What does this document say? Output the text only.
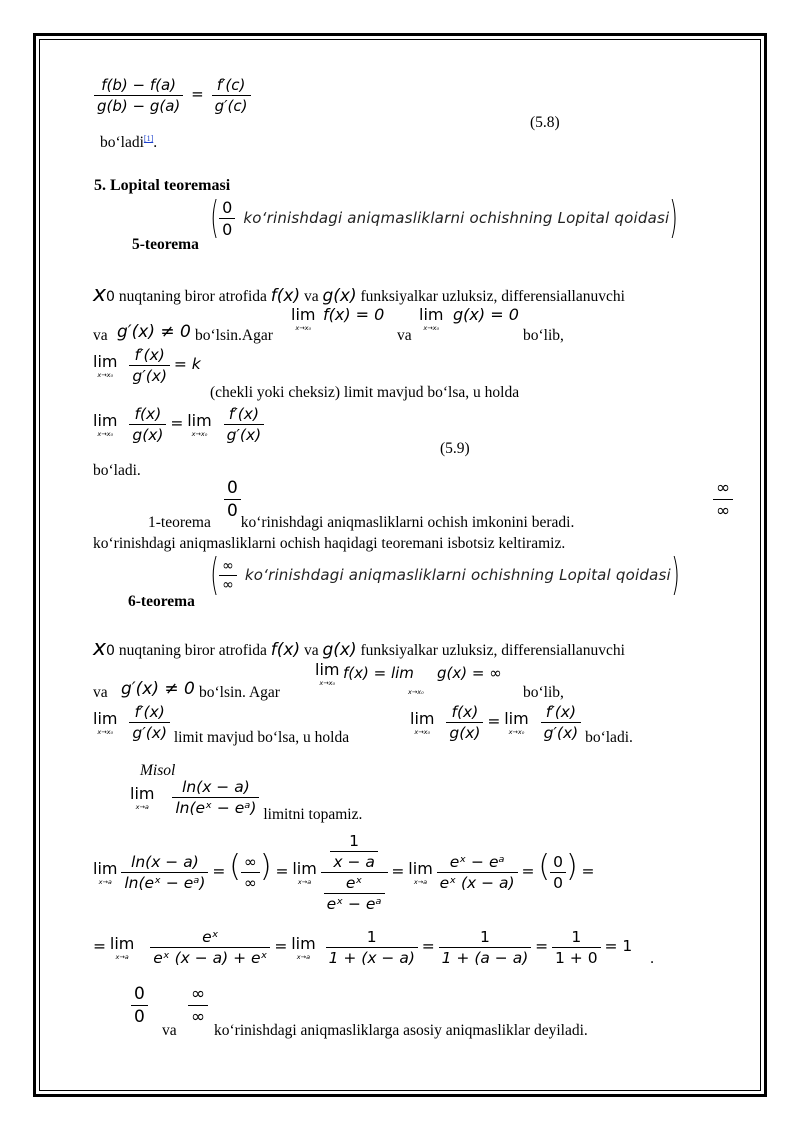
$\frac{f(b) - f(a)}{g(b) - g(a)} = \frac{f'(c)}{g'(c)}$
(5.8)
bo‘ladi[1].
5. Lopital teoremasi
5-teorema
( $\frac{0}{0}$ ko‘rinishdagi aniqmasliklarni ochishning Lopital qoidasi )
x0 nuqtaning biror atrofida f(x) va g(x) funksiyalkar uzluksiz, differensiallanuvchi
va g′(x) ≠ 0 bo‘lsin.Agar
lim
x→x₀
f(x) = 0
va
lim
x→x₀
g(x) = 0
bo‘lib,
lim
x→x₀
$\frac{f'(x)}{g'(x)} = k$
(chekli yoki cheksiz) limit mavjud bo‘lsa, u holda
lim
x→x₀
$\frac{f(x)}{g(x)} = \lim$
x→x₀
$\frac{f'(x)}{g'(x)}$
(5.9)
bo‘ladi.
$\frac{0}{0}$
1-teorema ko‘rinishdagi aniqmasliklarni ochish imkonini beradi.
∞
∞
ko‘rinishdagi aniqmasliklarni ochish haqidagi teoremani isbotsiz keltiramiz.
6-teorema
( $\frac{\infty}{\infty}$ ko‘rinishdagi aniqmasliklarni ochishning Lopital qoidasi )
x0 nuqtaning biror atrofida f(x) va g(x) funksiyalkar uzluksiz, differensiallanuvchi
va g′(x) ≠ 0 bo‘lsin. Agar
lim
x→x₀
f(x) = lim
x→x₀
g(x) = ∞
bo‘lib,
lim
x→x₀
$\frac{f'(x)}{g'(x)}$ limit mavjud bo‘lsa, u holda
lim
x→x₀
$\frac{f(x)}{g(x)} = \lim$
x→x₀
$\frac{f'(x)}{g'(x)}$ bo‘ladi.
Misol
lim
x→a
$\frac{\ln(x - a)}{\text{ln(eˣ − eᵃ)}}$ limitni topamiz.
lim
x→a
$\frac{\ln(x - a)}{\text{ln(eˣ − eᵃ)}}$ = ( $\frac{\infty}{\infty}$ ) = lim
x→a
$\frac{\frac{1}{x - a}}{\frac{\text{eˣ}}{\text{eˣ − eᵃ}}} = \lim$
x→a
$\frac{\text{eˣ − eᵃ}}{\text{eˣ (x − a)}}$ = ( $\frac{0}{0}$ ) =
= lim
x→a
$\frac{\text{eˣ}}{\text{eˣ (x − a) + eˣ}} = \lim$
x→a
$\frac{1}{1 + (x - a)} = \frac{1}{1 + (a - a)} = \frac{1}{1 + 0} = 1$ .
$\frac{0}{0}$
va
∞
∞
ko‘rinishdagi aniqmasliklarga asosiy aniqmasliklar deyiladi.
